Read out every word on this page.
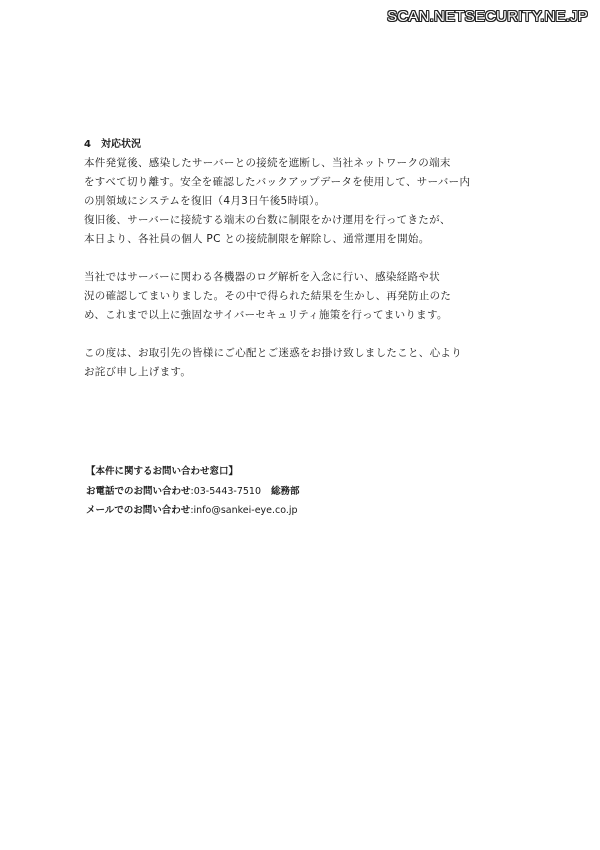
SCAN.NETSECURITY.NE.JP
4 対応状況
本件発覚後、感染したサーバーとの接続を遮断し、当社ネットワークの端末
をすべて切り離す。安全を確認したバックアップデータを使用して、サーバー内
の別領域にシステムを復旧（4月3日午後5時頃）。
復旧後、サーバーに接続する端末の台数に制限をかけ運用を行ってきたが、
本日より、各社員の個人 PC との接続制限を解除し、通常運用を開始。
当社ではサーバーに関わる各機器のログ解析を入念に行い、感染経路や状
況の確認してまいりました。その中で得られた結果を生かし、再発防止のた
め、これまで以上に強固なサイバーセキュリティ施策を行ってまいります。
この度は、お取引先の皆様にご心配とご迷惑をお掛け致しましたこと、心より
お詫び申し上げます。
【本件に関するお問い合わせ窓口】
お電話でのお問い合わせ:03-5443-7510 総務部
メールでのお問い合わせ:info@sankei-eye.co.jp
